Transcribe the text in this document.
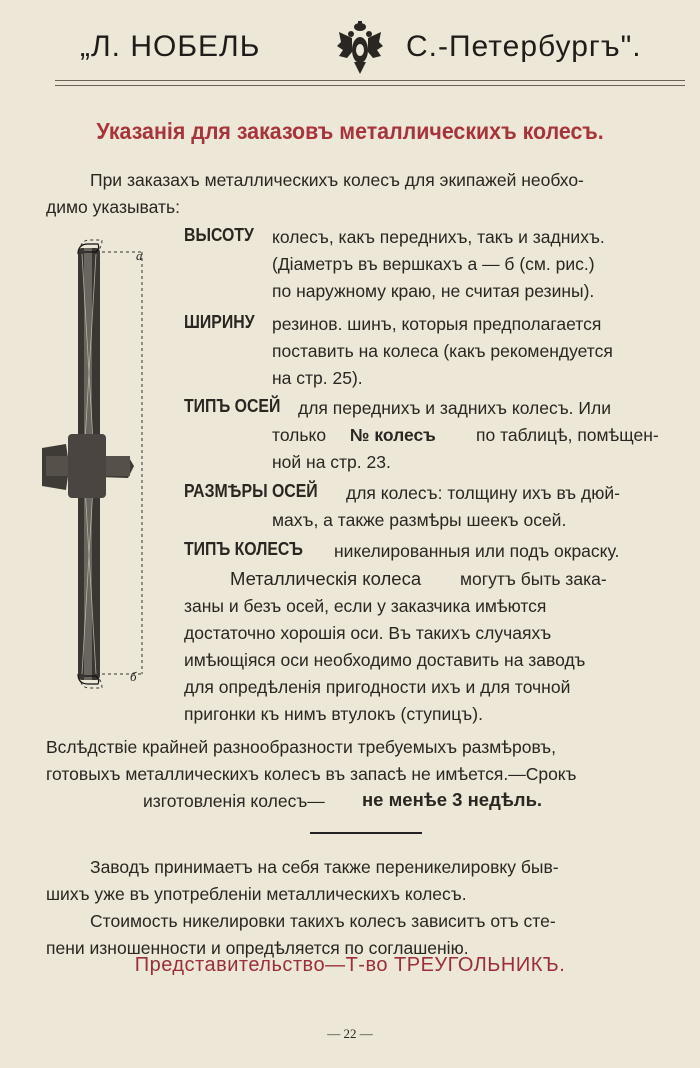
„Л. НОБЕЛЬ	С.-Петербургъ".
Указанія для заказовъ металлическихъ колесъ.
При заказахъ металлическихъ колесъ для экипажей необхо-
димо указывать:
а
б
ВЫСОТУ колесъ, какъ переднихъ, такъ и заднихъ.
(Діаметръ въ вершкахъ а — б (см. рис.)
по наружному краю, не считая резины).
ШИРИНУ резинов. шинъ, которыя предполагается
поставить на колеса (какъ рекомендуется
на стр. 25).
ТИПЪ ОСЕЙ для переднихъ и заднихъ колесъ. Или
только № колесъ по таблицѣ, помѣщен-
ной на стр. 23.
РАЗМѢРЫ ОСЕЙ для колесъ: толщину ихъ въ дюй-
махъ, а также размѣры шеекъ осей.
ТИПЪ КОЛЕСЪ никелированныя или подъ окраску.
Металлическія колеса могутъ быть зака-
заны и безъ осей, если у заказчика имѣются
достаточно хорошія оси. Въ такихъ случаяхъ
имѣющіяся оси необходимо доставить на заводъ
для опредѣленія пригодности ихъ и для точной
пригонки къ нимъ втулокъ (ступицъ).
Вслѣдствіе крайней разнообразности требуемыхъ размѣровъ,
готовыхъ металлическихъ колесъ въ запасѣ не имѣется.—Срокъ
изготовленія колесъ— не менѣе 3 недѣль.
Заводъ принимаетъ на себя также переникелировку быв-
шихъ уже въ употребленіи металлическихъ колесъ.
Стоимость никелировки такихъ колесъ зависитъ отъ сте-
пени изношенности и опредѣляется по соглашенію.
Представительство—Т-во ТРЕУГОЛЬНИКЪ.
— 22 —
